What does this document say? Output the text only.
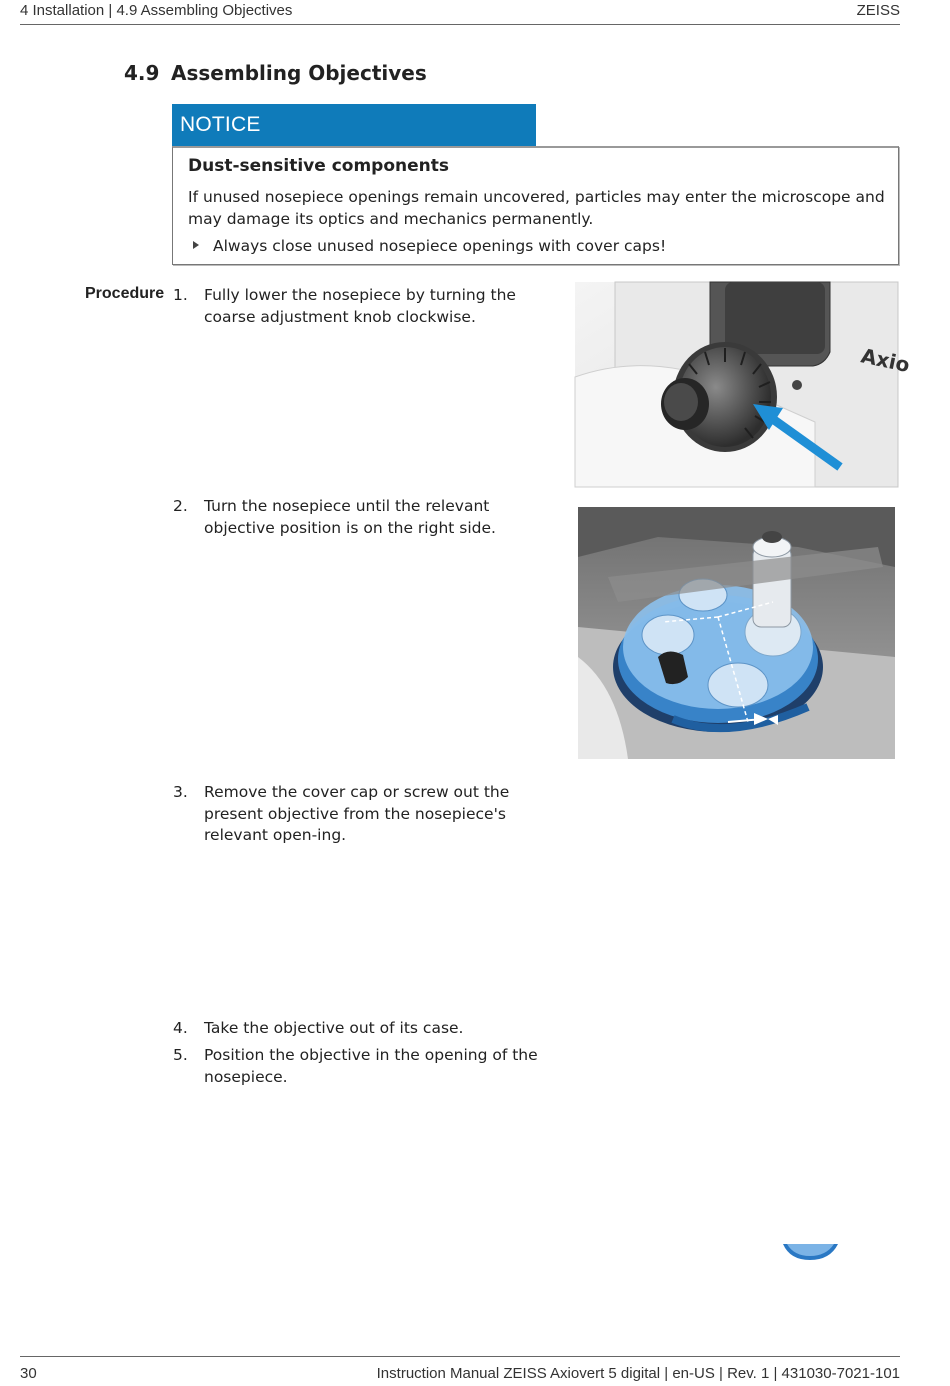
4 Installation | 4.9 Assembling Objectives	ZEISS
4.9 Assembling Objectives
NOTICE
Dust-sensitive components
If unused nosepiece openings remain uncovered, particles may enter the microscope and may damage its optics and mechanics permanently.
Always close unused nosepiece openings with cover caps!
Procedure 1. Fully lower the nosepiece by turning the coarse adjustment knob clockwise.
2. Turn the nosepiece until the relevant objective position is on the right side.
3. Remove the cover cap or screw out the present objective from the nosepiece's relevant open-ing.
4. Take the objective out of its case.
5. Position the objective in the opening of the nosepiece.
Axio
30	Instruction Manual ZEISS Axiovert 5 digital | en-US | Rev. 1 | 431030-7021-101
